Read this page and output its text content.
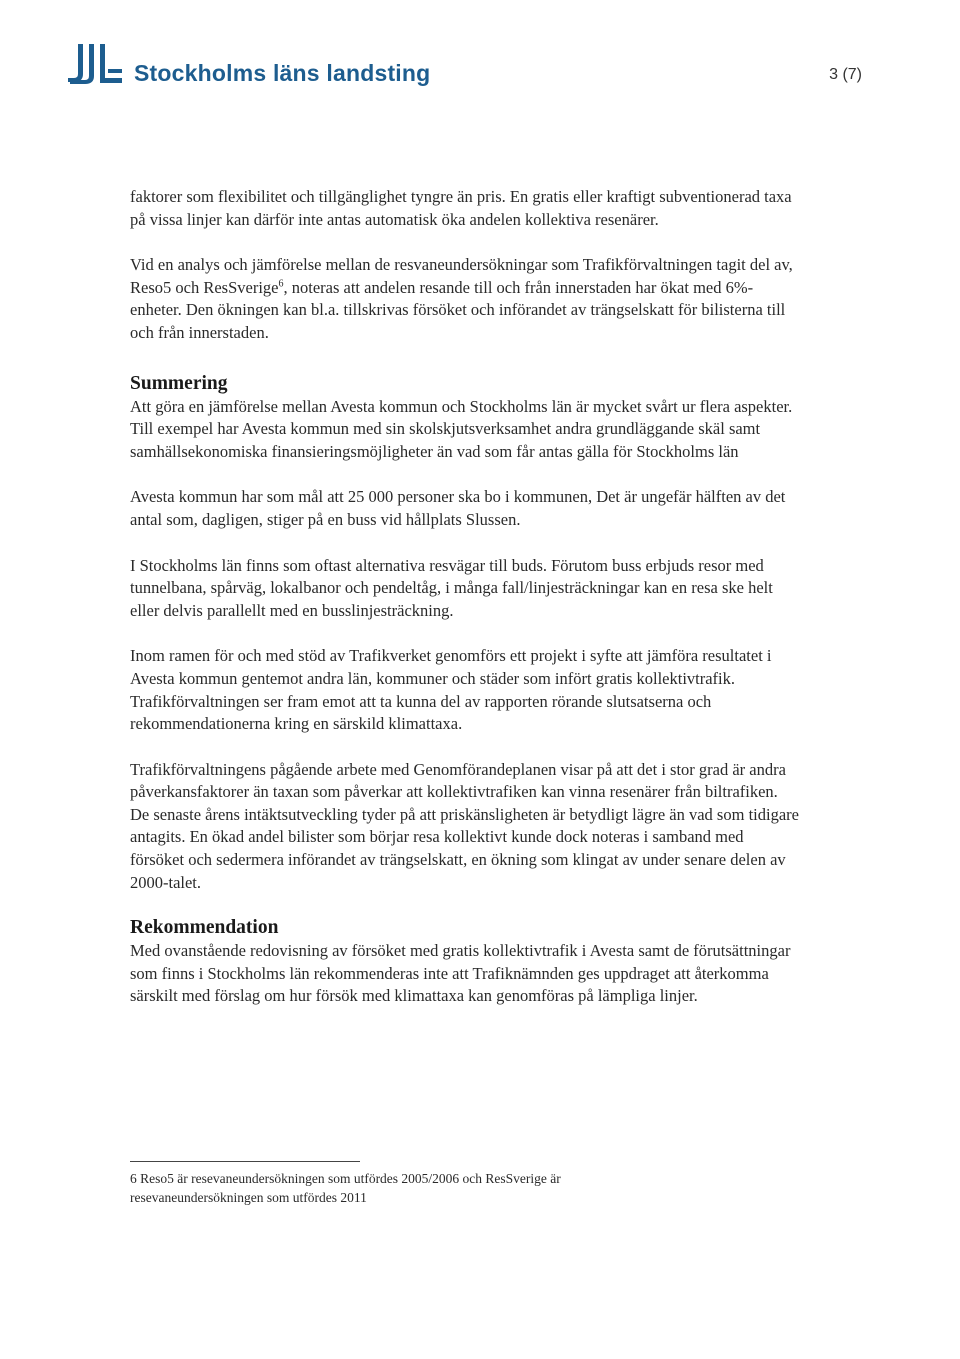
Stockholms läns landsting	3 (7)

faktorer som flexibilitet och tillgänglighet tyngre än pris. En gratis eller kraftigt subventionerad taxa på vissa linjer kan därför inte antas automatisk öka andelen kollektiva resenärer.

Vid en analys och jämförelse mellan de resvaneundersökningar som Trafikförvaltningen tagit del av, Reso5 och ResSverige$^6$, noteras att andelen resande till och från innerstaden har ökat med 6%-enheter. Den ökningen kan bl.a. tillskrivas försöket och införandet av trängselskatt för bilisterna till och från innerstaden.

Summering

Att göra en jämförelse mellan Avesta kommun och Stockholms län är mycket svårt ur flera aspekter. Till exempel har Avesta kommun med sin skolskjutsverksamhet andra grundläggande skäl samt samhällsekonomiska finansieringsmöjligheter än vad som får antas gälla för Stockholms län

Avesta kommun har som mål att 25 000 personer ska bo i kommunen, Det är ungefär hälften av det antal som, dagligen, stiger på en buss vid hållplats Slussen.

I Stockholms län finns som oftast alternativa resvägar till buds. Förutom buss erbjuds resor med tunnelbana, spårväg, lokalbanor och pendeltåg, i många fall/linjesträckningar kan en resa ske helt eller delvis parallellt med en busslinjesträckning.

Inom ramen för och med stöd av Trafikverket genomförs ett projekt i syfte att jämföra resultatet i Avesta kommun gentemot andra län, kommuner och städer som infört gratis kollektivtrafik. Trafikförvaltningen ser fram emot att ta kunna del av rapporten rörande slutsatserna och rekommendationerna kring en särskild klimattaxa.

Trafikförvaltningens pågående arbete med Genomförandeplanen visar på att det i stor grad är andra påverkansfaktorer än taxan som påverkar att kollektivtrafiken kan vinna resenärer från biltrafiken. De senaste årens intäktsutveckling tyder på att priskänsligheten är betydligt lägre än vad som tidigare antagits. En ökad andel bilister som börjar resa kollektivt kunde dock noteras i samband med försöket och sedermera införandet av trängselskatt, en ökning som klingat av under senare delen av 2000-talet.

Rekommendation

Med ovanstående redovisning av försöket med gratis kollektivtrafik i Avesta samt de förutsättningar som finns i Stockholms län rekommenderas inte att Trafiknämnden ges uppdraget att återkomma särskilt med förslag om hur försök med klimattaxa kan genomföras på lämpliga linjer.

6 Reso5 är resevaneundersökningen som utfördes 2005/2006 och ResSverige är resevaneundersökningen som utfördes 2011
